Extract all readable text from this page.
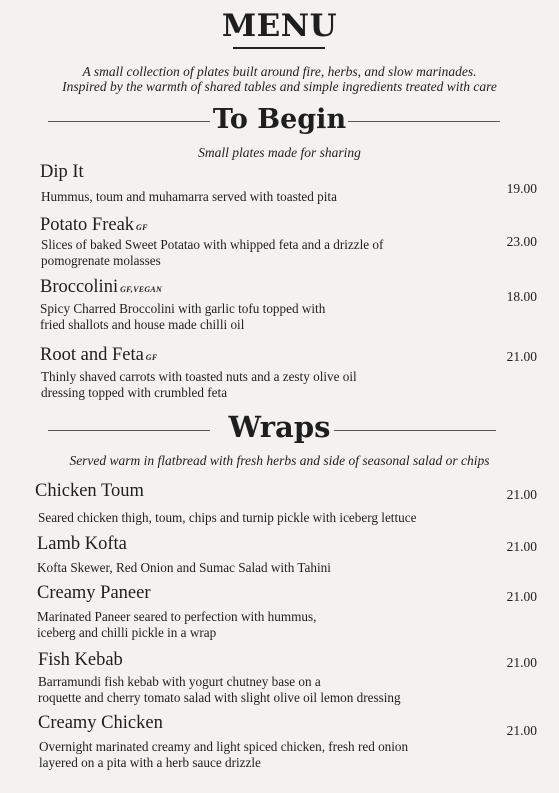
MENU
A small collection of plates built around fire, herbs, and slow marinades.
Inspired by the warmth of shared tables and simple ingredients treated with care
To Begin
Small plates made for sharing
Dip It
Hummus, toum and muhamarra served with toasted pita
19.00
Potato Freak GF
Slices of baked Sweet Potatao with whipped feta and a drizzle of
pomogrenate molasses
23.00
Broccolini GF,VEGAN
Spicy Charred Broccolini with garlic tofu topped with
fried shallots and house made chilli oil
18.00
Root and Feta GF
Thinly shaved carrots with toasted nuts and a zesty olive oil
dressing topped with crumbled feta
21.00
Wraps
Served warm in flatbread with fresh herbs and side of seasonal salad or chips
Chicken Toum
Seared chicken thigh, toum, chips and turnip pickle with iceberg lettuce
21.00
Lamb Kofta
Kofta Skewer, Red Onion and Sumac Salad with Tahini
21.00
Creamy Paneer
Marinated Paneer seared to perfection with hummus,
iceberg and chilli pickle in a wrap
21.00
Fish Kebab
Barramundi fish kebab with yogurt chutney base on a
roquette and cherry tomato salad with slight olive oil lemon dressing
21.00
Creamy Chicken
Overnight marinated creamy and light spiced chicken, fresh red onion
layered on a pita with a herb sauce drizzle
21.00
